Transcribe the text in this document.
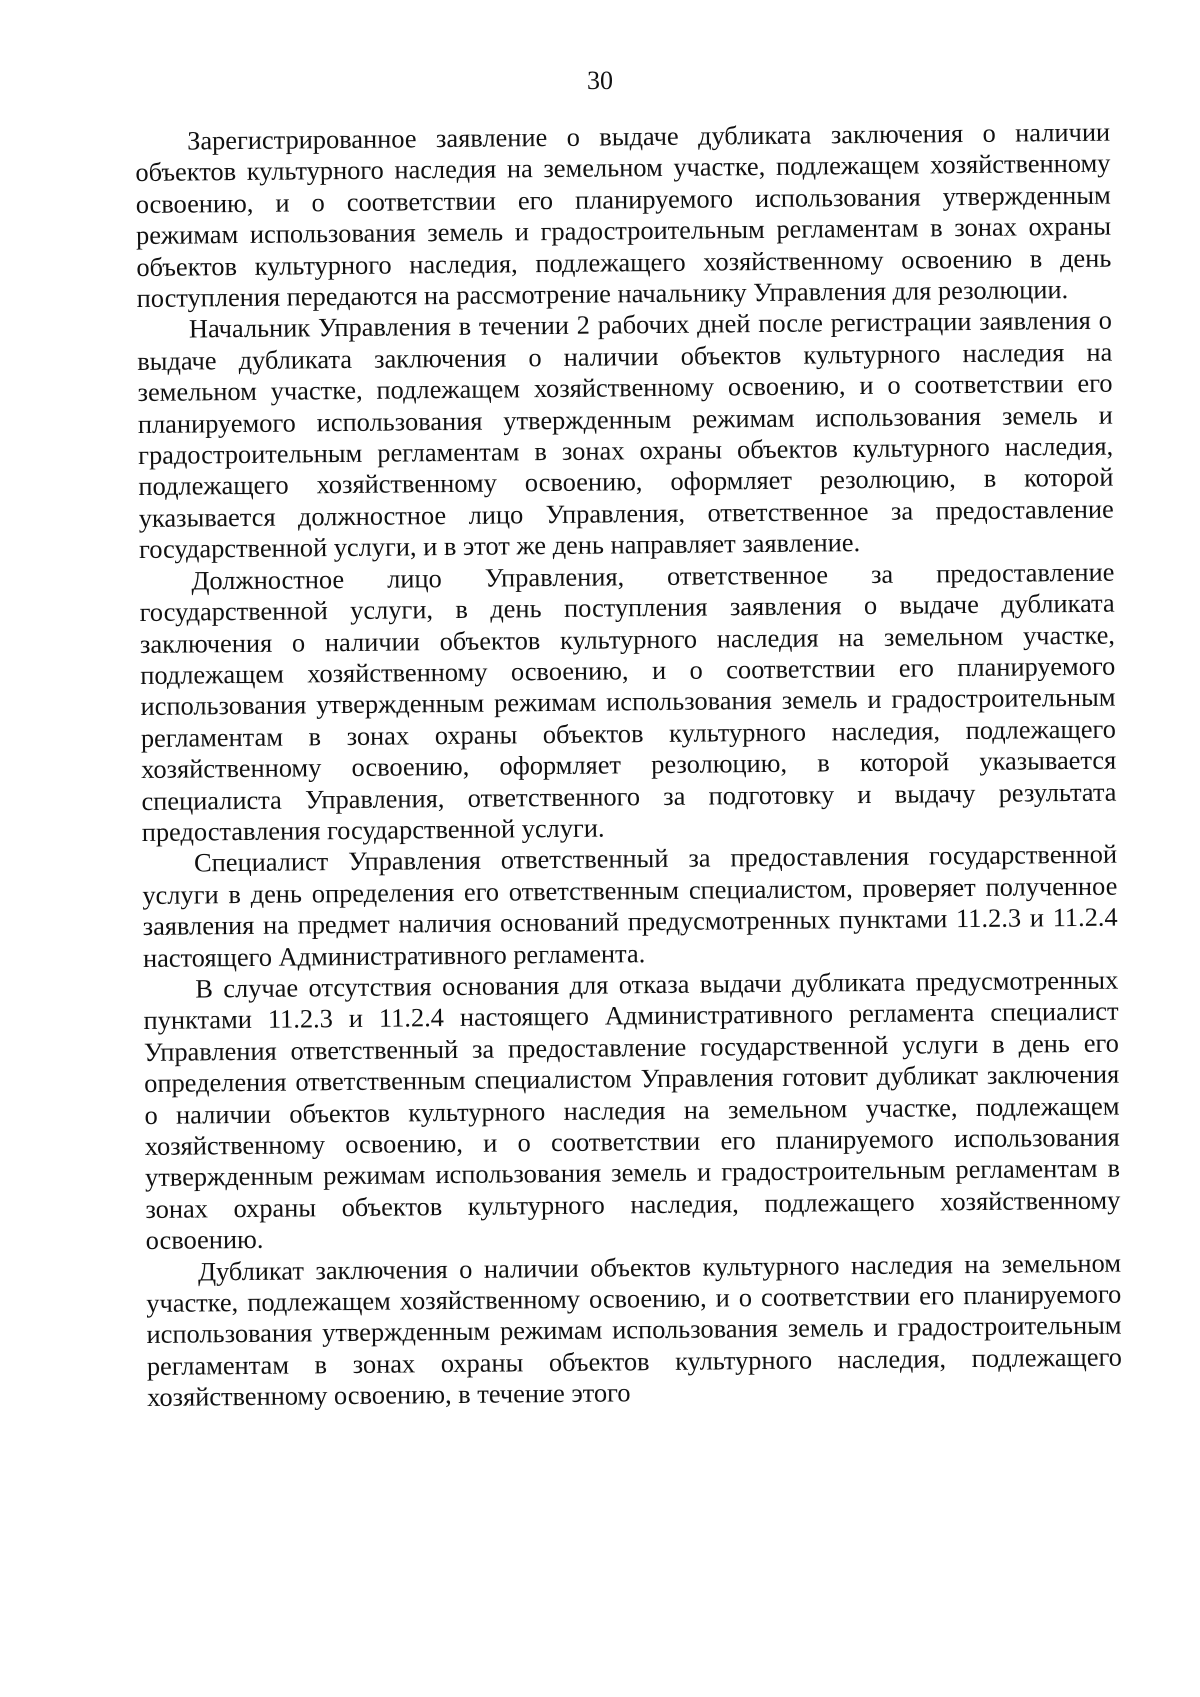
30

Зарегистрированное заявление о выдаче дубликата заключения о наличии объектов культурного наследия на земельном участке, подлежащем хозяйственному освоению, и о соответствии его планируемого использования утвержденным режимам использования земель и градостроительным регламентам в зонах охраны объектов культурного наследия, подлежащего хозяйственному освоению в день поступления передаются на рассмотрение начальнику Управления для резолюции.

Начальник Управления в течении 2 рабочих дней после регистрации заявления о выдаче дубликата заключения о наличии объектов культурного наследия на земельном участке, подлежащем хозяйственному освоению, и о соответствии его планируемого использования утвержденным режимам использования земель и градостроительным регламентам в зонах охраны объектов культурного наследия, подлежащего хозяйственному освоению, оформляет резолюцию, в которой указывается должностное лицо Управления, ответственное за предоставление государственной услуги, и в этот же день направляет заявление.

Должностное лицо Управления, ответственное за предоставление государственной услуги, в день поступления заявления о выдаче дубликата заключения о наличии объектов культурного наследия на земельном участке, подлежащем хозяйственному освоению, и о соответствии его планируемого использования утвержденным режимам использования земель и градостроительным регламентам в зонах охраны объектов культурного наследия, подлежащего хозяйственному освоению, оформляет резолюцию, в которой указывается специалиста Управления, ответственного за подготовку и выдачу результата предоставления государственной услуги.

Специалист Управления ответственный за предоставления государственной услуги в день определения его ответственным специалистом, проверяет полученное заявления на предмет наличия оснований предусмотренных пунктами 11.2.3 и 11.2.4 настоящего Административного регламента.

В случае отсутствия основания для отказа выдачи дубликата предусмотренных пунктами 11.2.3 и 11.2.4 настоящего Административного регламента специалист Управления ответственный за предоставление государственной услуги в день его определения ответственным специалистом Управления готовит дубликат заключения о наличии объектов культурного наследия на земельном участке, подлежащем хозяйственному освоению, и о соответствии его планируемого использования утвержденным режимам использования земель и градостроительным регламентам в зонах охраны объектов культурного наследия, подлежащего хозяйственному освоению.

Дубликат заключения о наличии объектов культурного наследия на земельном участке, подлежащем хозяйственному освоению, и о соответствии его планируемого использования утвержденным режимам использования земель и градостроительным регламентам в зонах охраны объектов культурного наследия, подлежащего хозяйственному освоению, в течение этого
